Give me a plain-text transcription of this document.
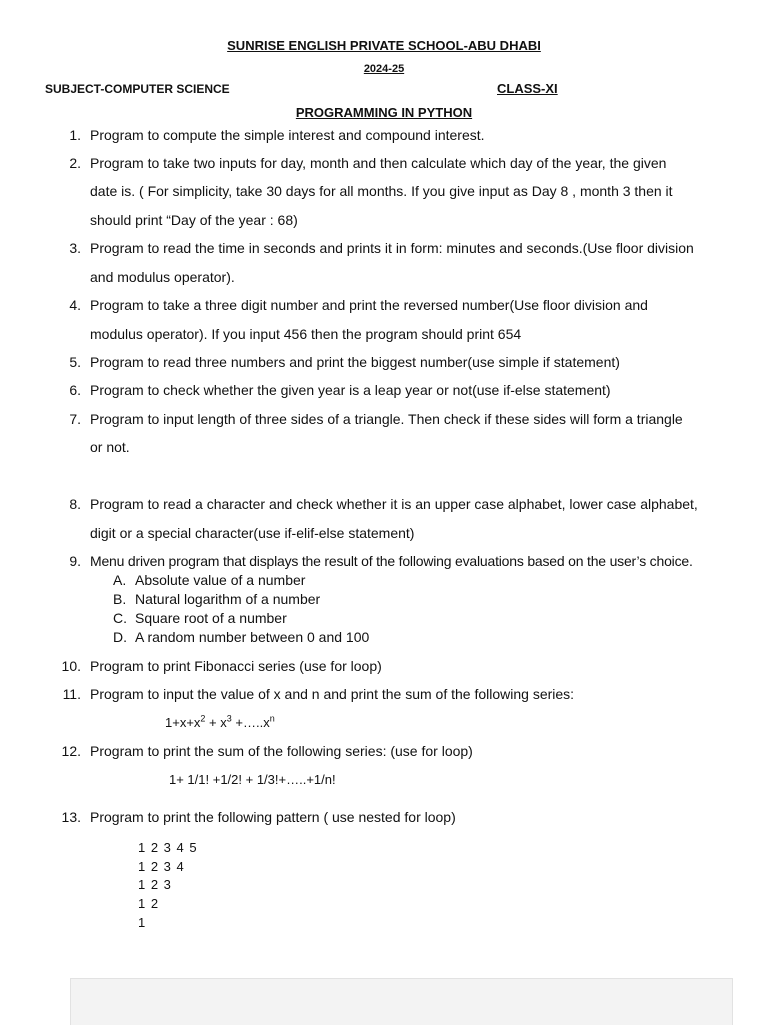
SUNRISE ENGLISH PRIVATE SCHOOL-ABU DHABI
2024-25
SUBJECT-COMPUTER SCIENCE	CLASS-XI
PROGRAMMING IN PYTHON
1. Program to compute the simple interest and compound interest.
2. Program to take two inputs for day, month and then calculate which day of the year, the given
date is. ( For simplicity, take 30 days for all months. If you give input as Day 8 , month 3 then it
should print “Day of the year : 68)
3. Program to read the time in seconds and prints it in form: minutes and seconds.(Use floor division
and modulus operator).
4. Program to take a three digit number and print the reversed number(Use floor division and
modulus operator). If you input 456 then the program should print 654
5. Program to read three numbers and print the biggest number(use simple if statement)
6. Program to check whether the given year is a leap year or not(use if-else statement)
7. Program to input length of three sides of a triangle. Then check if these sides will form a triangle
or not.
8. Program to read a character and check whether it is an upper case alphabet, lower case alphabet,
digit or a special character(use if-elif-else statement)
9. Menu driven program that displays the result of the following evaluations based on the user’s choice.
A. Absolute value of a number
B. Natural logarithm of a number
C. Square root of a number
D. A random number between 0 and 100
10. Program to print Fibonacci series (use for loop)
11. Program to input the value of x and n and print the sum of the following series:
$1+x+x^2 + x^3$ $+\dots..x^n$
12. Program to print the sum of the following series: (use for loop)
1+ 1/1! +1/2! + 1/3!+…..+1/n!
13. Program to print the following pattern ( use nested for loop)
1 2 3 4 5
1 2 3 4
1 2 3
1 2
1
